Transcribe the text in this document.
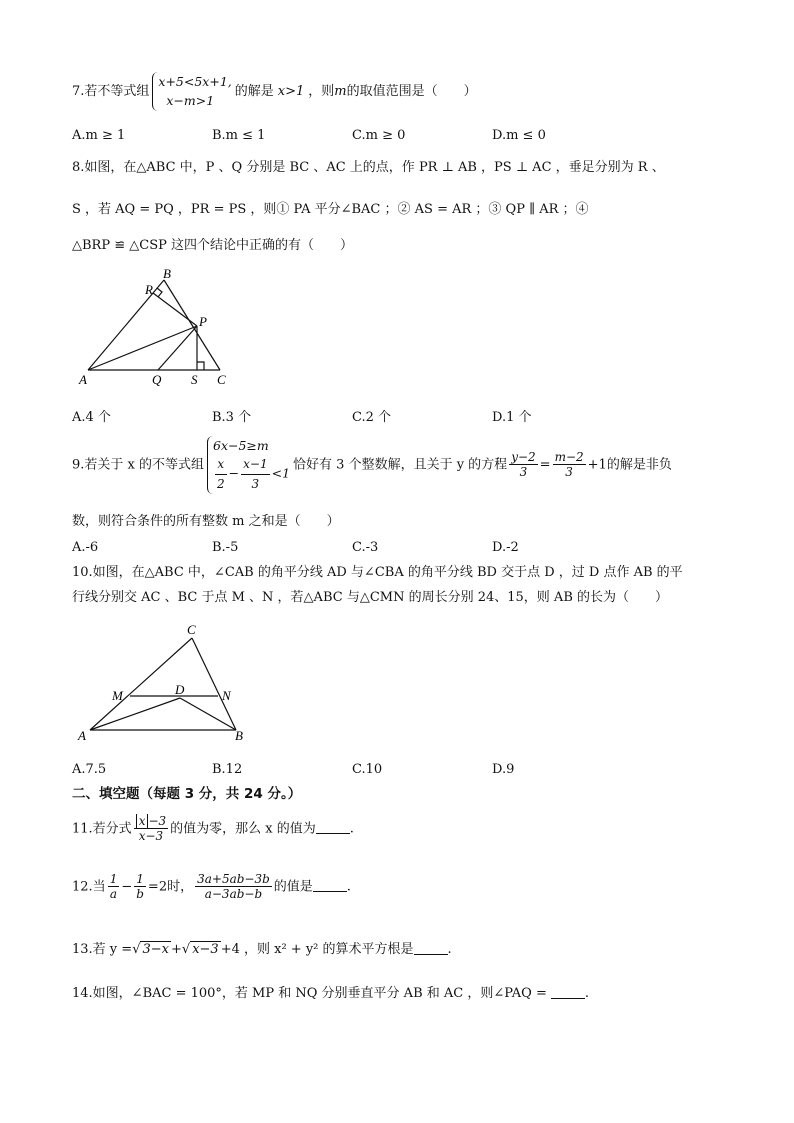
7.若不等式组
x+5<5x+1,
x−m>1
的解是 x>1 ，则m的取值范围是（　　）
A.m ≥ 1	B.m ≤ 1	C.m ≥ 0	D.m ≤ 0
8.如图，在△ABC 中，P 、Q 分别是 BC 、AC 上的点，作 PR ⊥ AB ，PS ⊥ AC ，垂足分别为 R 、
S ，若 AQ = PQ ，PR = PS ，则① PA 平分∠BAC ；② AS = AR ；③ QP ∥ AR ；④
△BRP ≌ △CSP 这四个结论中正确的有（　　）
B
R
P
A	Q S C
A.4 个	B.3 个	C.2 个	D.1 个
9.若关于 x 的不等式组
6x−5≥m
$\frac{x}{2} - \frac{x-1}{3} <1$
恰好有 3 个整数解，且关于 y 的方程 $\frac{y-2}{3} = \frac{m-2}{3} +1$的解是非负
数，则符合条件的所有整数 m 之和是（　　）
A.-6	B.-5	C.-3	D.-2
10.如图，在△ABC 中，∠CAB 的角平分线 AD 与∠CBA 的角平分线 BD 交于点 D ，过 D 点作 AB 的平
行线分别交 AC 、BC 于点 M 、N ，若△ABC 与△CMN 的周长分别 24、15，则 AB 的长为（　　）
C
M	D	N
A	B
A.7.5	B.12	C.10	D.9
二、填空题（每题 3 分，共 24 分。）
11.若分式 $\frac{x -3}{x-3}$ 的值为零，那么 x 的值为	.
12.当 $\frac{1}{a} - \frac{1}{b} =2$时， $\frac{3a+5ab-3b}{a-3ab-b}$ 的值是	.
13.若 y =√ 3−x +√ x−3 +4 ，则 x² + y² 的算术平方根是	.
14.如图，∠BAC = 100°，若 MP 和 NQ 分别垂直平分 AB 和 AC ，则∠PAQ =	.
